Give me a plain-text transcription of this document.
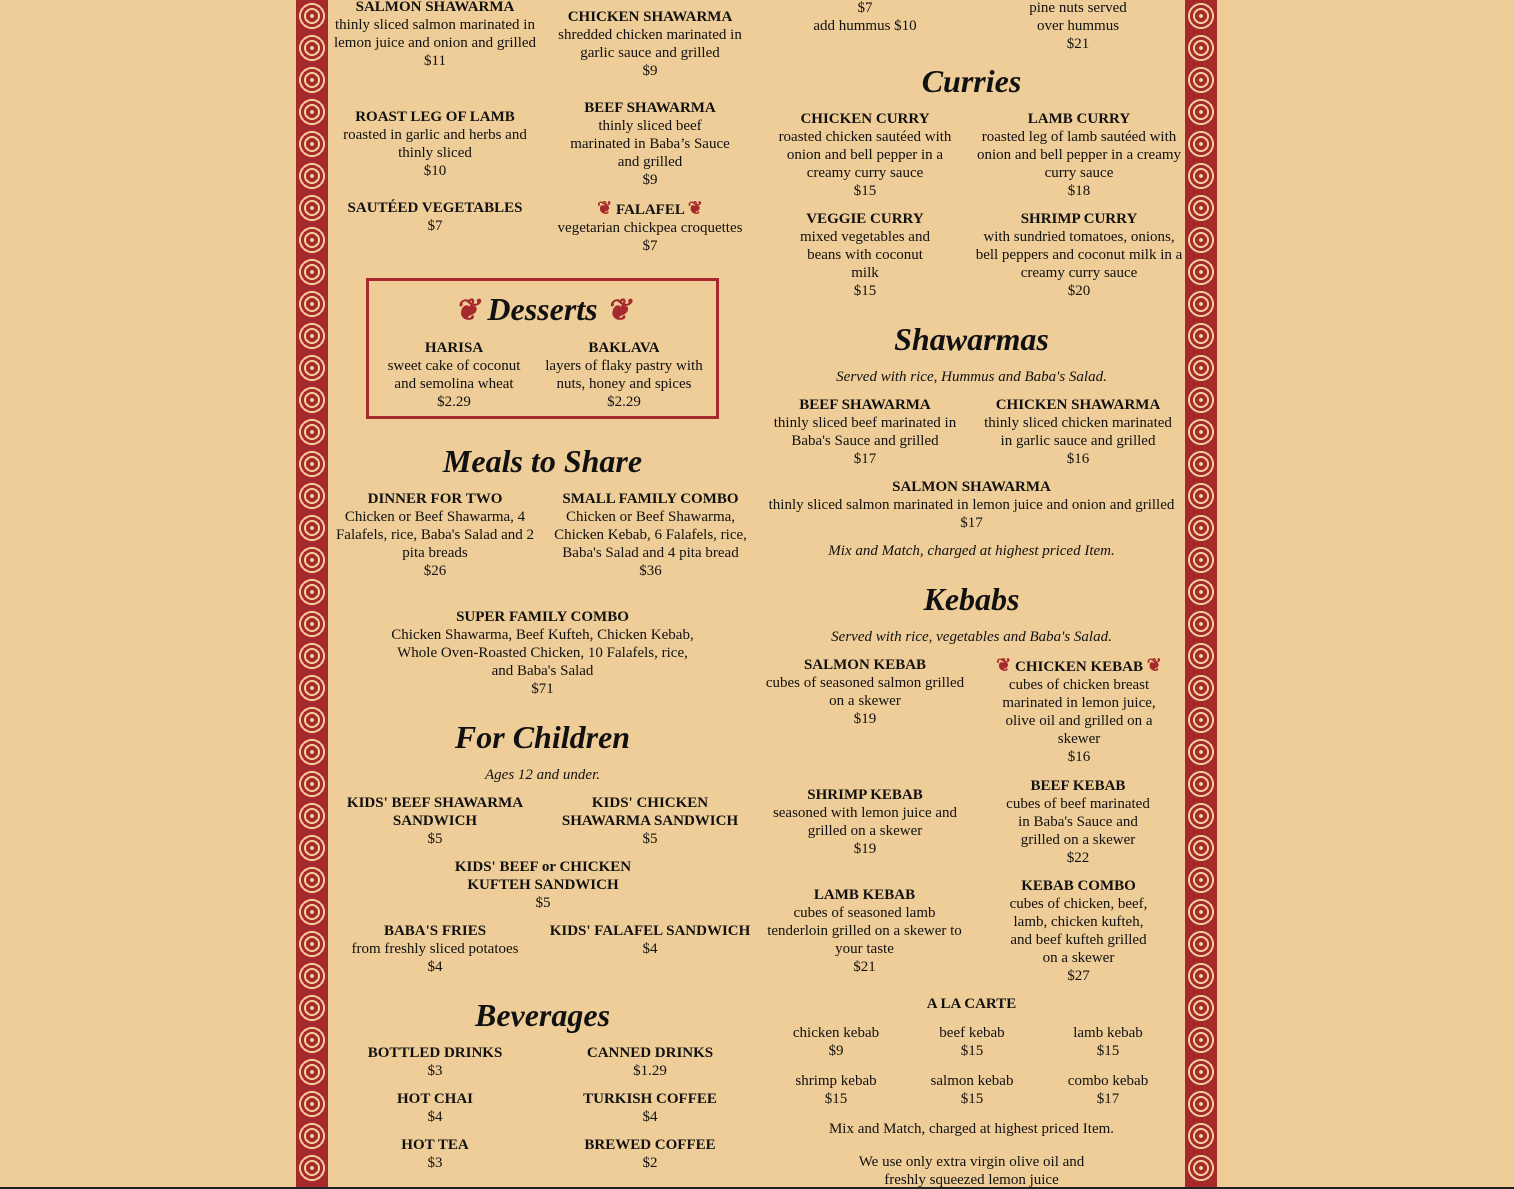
SALMON SHAWARMA
thinly sliced salmon marinated in lemon juice and onion and grilled
$11
CHICKEN SHAWARMA
shredded chicken marinated in garlic sauce and grilled
$9
ROAST LEG OF LAMB
roasted in garlic and herbs and thinly sliced
$10
BEEF SHAWARMA
thinly sliced beef marinated in Baba’s Sauce and grilled
$9
SAUTÉED VEGETABLES
$7
❦ FALAFEL ❦
vegetarian chickpea croquettes
$7
❦ Desserts ❦
HARISA
sweet cake of coconut and semolina wheat
$2.29
BAKLAVA
layers of flaky pastry with nuts, honey and spices
$2.29
Meals to Share
DINNER FOR TWO
Chicken or Beef Shawarma, 4 Falafels, rice, Baba's Salad and 2 pita breads
$26
SMALL FAMILY COMBO
Chicken or Beef Shawarma, Chicken Kebab, 6 Falafels, rice, Baba's Salad and 4 pita bread
$36
SUPER FAMILY COMBO
Chicken Shawarma, Beef Kufteh, Chicken Kebab, Whole Oven-Roasted Chicken, 10 Falafels, rice, and Baba's Salad
$71
For Children
Ages 12 and under.
KIDS' BEEF SHAWARMA SANDWICH
$5
KIDS' CHICKEN SHAWARMA SANDWICH
$5
KIDS' BEEF or CHICKEN KUFTEH SANDWICH
$5
BABA'S FRIES
from freshly sliced potatoes
$4
KIDS' FALAFEL SANDWICH
$4
Beverages
BOTTLED DRINKS
$3
CANNED DRINKS
$1.29
HOT CHAI
$4
TURKISH COFFEE
$4
HOT TEA
$3
BREWED COFFEE
$2
$7
add hummus $10
pine nuts served
over hummus
$21
Curries
CHICKEN CURRY
roasted chicken sautéed with onion and bell pepper in a creamy curry sauce
$15
LAMB CURRY
roasted leg of lamb sautéed with onion and bell pepper in a creamy curry sauce
$18
VEGGIE CURRY
mixed vegetables and beans with coconut milk
$15
SHRIMP CURRY
with sundried tomatoes, onions, bell peppers and coconut milk in a creamy curry sauce
$20
Shawarmas
Served with rice, Hummus and Baba's Salad.
BEEF SHAWARMA
thinly sliced beef marinated in Baba's Sauce and grilled
$17
CHICKEN SHAWARMA
thinly sliced chicken marinated in garlic sauce and grilled
$16
SALMON SHAWARMA
thinly sliced salmon marinated in lemon juice and onion and grilled
$17
Mix and Match, charged at highest priced Item.
Kebabs
Served with rice, vegetables and Baba's Salad.
SALMON KEBAB
cubes of seasoned salmon grilled on a skewer
$19
❦ CHICKEN KEBAB ❦
cubes of chicken breast marinated in lemon juice, olive oil and grilled on a skewer
$16
SHRIMP KEBAB
seasoned with lemon juice and grilled on a skewer
$19
BEEF KEBAB
cubes of beef marinated in Baba's Sauce and grilled on a skewer
$22
LAMB KEBAB
cubes of seasoned lamb tenderloin grilled on a skewer to your taste
$21
KEBAB COMBO
cubes of chicken, beef, lamb, chicken kufteh, and beef kufteh grilled on a skewer
$27
A LA CARTE
chicken kebab
$9
beef kebab
$15
lamb kebab
$15
shrimp kebab
$15
salmon kebab
$15
combo kebab
$17
Mix and Match, charged at highest priced Item.
We use only extra virgin olive oil and
freshly squeezed lemon juice
